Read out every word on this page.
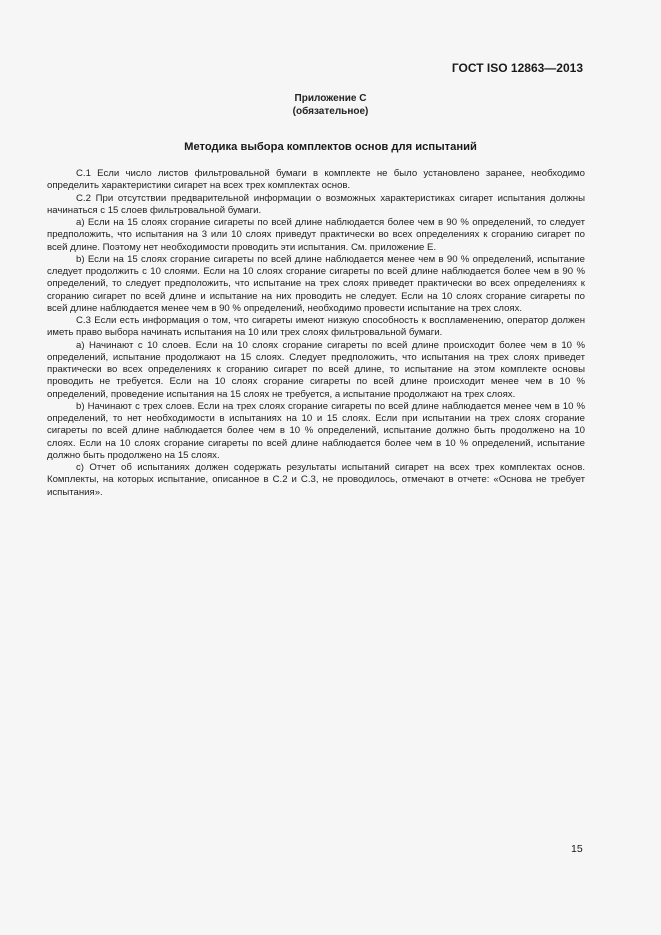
ГОСТ ISO 12863—2013
Приложение С
(обязательное)
Методика выбора комплектов основ для испытаний

С.1 Если число листов фильтровальной бумаги в комплекте не было установлено заранее, необходимо определить характеристики сигарет на всех трех комплектах основ.

С.2 При отсутствии предварительной информации о возможных характеристиках сигарет испытания должны начинаться с 15 слоев фильтровальной бумаги.

а) Если на 15 слоях сгорание сигареты по всей длине наблюдается более чем в 90 % определений, то следует предположить, что испытания на 3 или 10 слоях приведут практически во всех определениях к сгоранию сигарет по всей длине. Поэтому нет необходимости проводить эти испытания. См. приложение Е.

b) Если на 15 слоях сгорание сигареты по всей длине наблюдается менее чем в 90 % определений, испытание следует продолжить с 10 слоями. Если на 10 слоях сгорание сигареты по всей длине наблюдается более чем в 90 % определений, то следует предположить, что испытание на трех слоях приведет практически во всех определениях к сгоранию сигарет по всей длине и испытание на них проводить не следует. Если на 10 слоях сгорание сигареты по всей длине наблюдается менее чем в 90 % определений, необходимо провести испытание на трех слоях.

С.3 Если есть информация о том, что сигареты имеют низкую способность к воспламенению, оператор должен иметь право выбора начинать испытания на 10 или трех слоях фильтровальной бумаги.

а) Начинают с 10 слоев. Если на 10 слоях сгорание сигареты по всей длине происходит более чем в 10 % определений, испытание продолжают на 15 слоях. Следует предположить, что испытания на трех слоях приведет практически во всех определениях к сгоранию сигарет по всей длине, то испытание на этом комплекте основы проводить не требуется. Если на 10 слоях сгорание сигареты по всей длине происходит менее чем в 10 % определений, проведение испытания на 15 слоях не требуется, а испытание продолжают на трех слоях.

b) Начинают с трех слоев. Если на трех слоях сгорание сигареты по всей длине наблюдается менее чем в 10 % определений, то нет необходимости в испытаниях на 10 и 15 слоях. Если при испытании на трех слоях сгорание сигареты по всей длине наблюдается более чем в 10 % определений, испытание должно быть продолжено на 10 слоях. Если на 10 слоях сгорание сигареты по всей длине наблюдается более чем в 10 % определений, испытание должно быть продолжено на 15 слоях.

с) Отчет об испытаниях должен содержать результаты испытаний сигарет на всех трех комплектах основ. Комплекты, на которых испытание, описанное в С.2 и С.3, не проводилось, отмечают в отчете: «Основа не требует испытания».

15
